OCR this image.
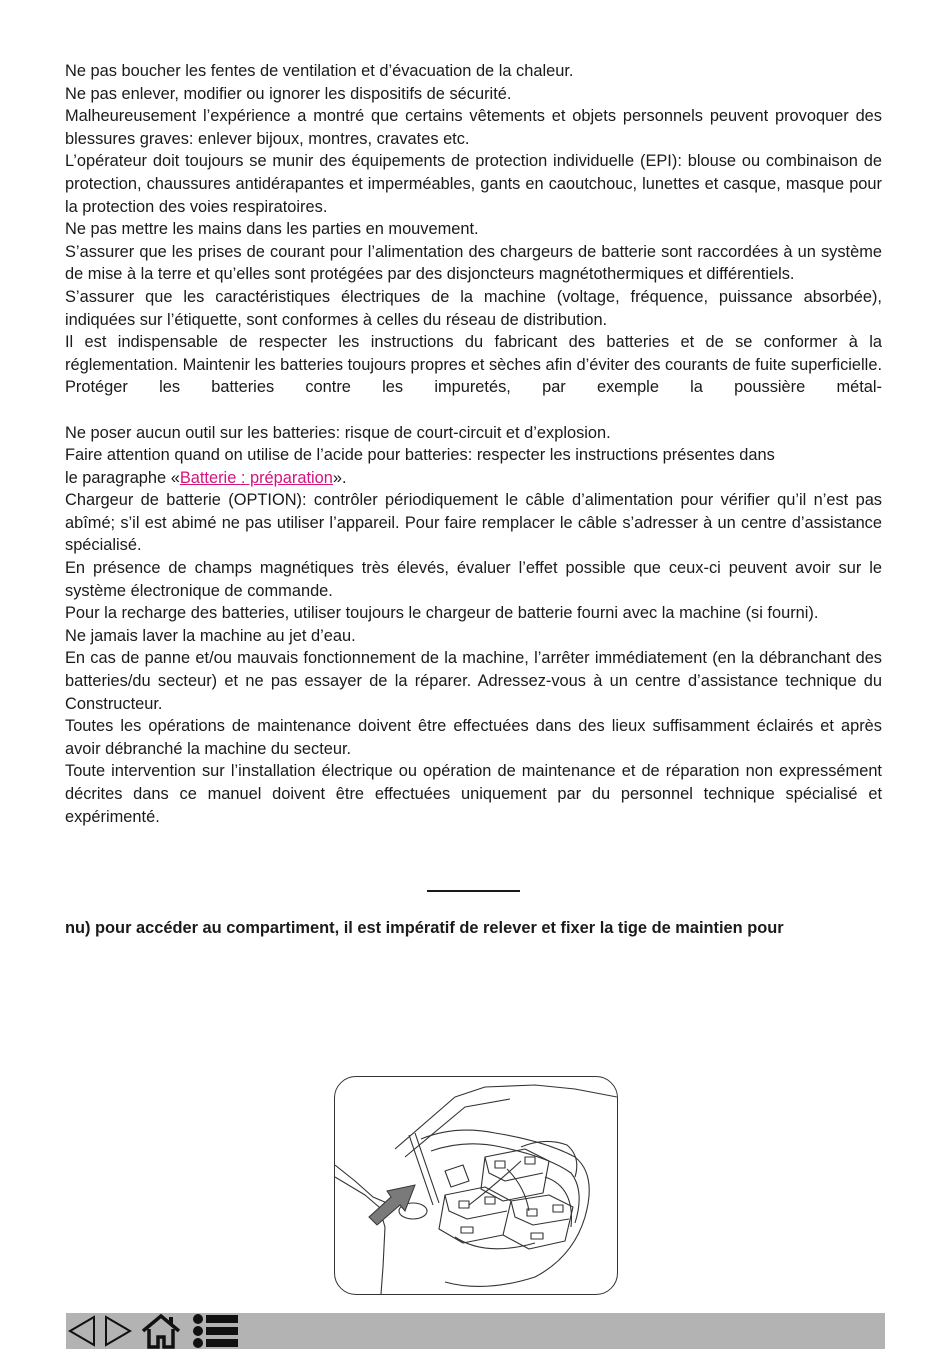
Ne pas boucher les fentes de ventilation et d’évacuation de la chaleur.

Ne pas enlever, modifier ou ignorer les dispositifs de sécurité.

Malheureusement l’expérience a montré que certains vêtements et objets personnels peuvent provoquer des blessures graves: enlever bijoux, montres, cravates etc.

L’opérateur doit toujours se munir des équipements de protection individuelle (EPI): blouse ou combinaison de protection, chaussures antidérapantes et imperméables, gants en caoutchouc, lunettes et casque, masque pour la protection des voies respiratoires.

Ne pas mettre les mains dans les parties en mouvement.

S’assurer que les prises de courant pour l’alimentation des chargeurs de batterie sont raccordées à un système de mise à la terre et qu’elles sont protégées par des disjoncteurs magnétothermiques et différentiels.

S’assurer que les caractéristiques électriques de la machine (voltage, fréquence, puissance absorbée), indiquées sur l’étiquette, sont conformes à celles du réseau de distribution.

Il est indispensable de respecter les instructions du fabricant des batteries et de se conformer à la réglementation. Maintenir les batteries toujours propres et sèches afin d’éviter des courants de fuite superficielle. Protéger les batteries contre les impuretés, par exemple la poussière métal-

Ne poser aucun outil sur les batteries: risque de court-circuit et d’explosion.

Faire attention quand on utilise de l’acide pour batteries: respecter les instructions présentes dans

le paragraphe «Batterie : préparation».

Chargeur de batterie (OPTION): contrôler périodiquement le câble d’alimentation pour vérifier qu’il n’est pas abîmé; s’il est abimé ne pas utiliser l’appareil. Pour faire remplacer le câble s’adresser à un centre d’assistance spécialisé.

En présence de champs magnétiques très élevés, évaluer l’effet possible que ceux-ci peuvent avoir sur le système électronique de commande.

Pour la recharge des batteries, utiliser toujours le chargeur de batterie fourni avec la machine (si fourni).

Ne jamais laver la machine au jet d’eau.

En cas de panne et/ou mauvais fonctionnement de la machine, l’arrêter immédiatement (en la débranchant des batteries/du secteur) et ne pas essayer de la réparer. Adressez-vous à un centre d’assistance technique du Constructeur.

Toutes les opérations de maintenance doivent être effectuées dans des lieux suffisamment éclairés et après avoir débranché la machine du secteur.

Toute intervention sur l’installation électrique ou opération de maintenance et de réparation non expressément décrites dans ce manuel doivent être effectuées uniquement par du personnel technique spécialisé et expérimenté.

nu) pour accéder au compartiment, il est impératif de relever et fixer la tige de maintien pour
